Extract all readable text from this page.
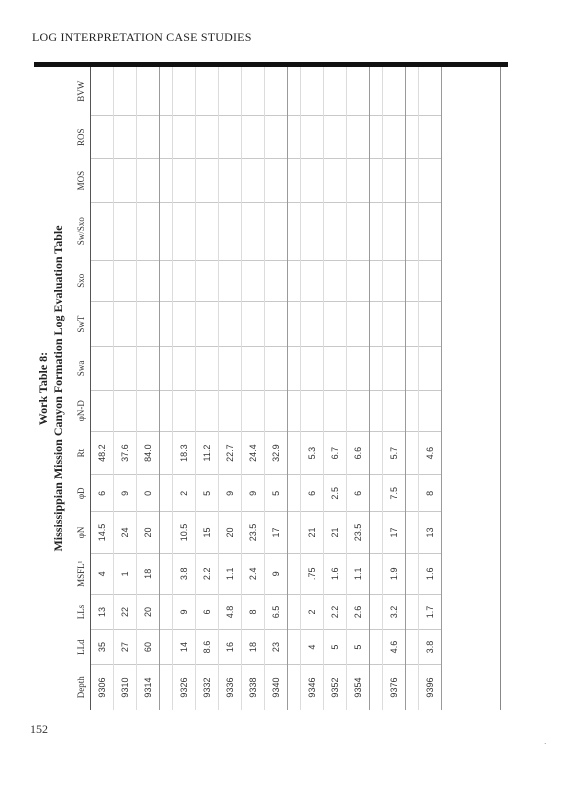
LOG INTERPRETATION CASE STUDIES
Work Table 8: Mississippian Mission Canyon Formation Log Evaluation Table
Depth	LLd	LLs	MSFL¹	φN	φD	Rt	φN-D	Swa	SwT	Sxo	Sw/Sxo	MOS	ROS	BVW
9306	35	13	4	14.5	6	48.2								
9310	27	22	1	24	9	37.6								
9314	60	20	18	20	0	84.0								

9326	14	9	3.8	10.5	2	18.3								
9332	8.6	6	2.2	15	5	11.2								
9336	16	4.8	1.1	20	9	22.7								
9338	18	8	2.4	23.5	9	24.4								
9340	23	6.5	9	17	5	32.9								

9346	4	2	.75	21	6	5.3								
9352	5	2.2	1.6	21	2.5	6.7								
9354	5	2.6	1.1	23.5	6	6.6								

9376	4.6	3.2	1.9	17	7.5	5.7								

9396	3.8	1.7	1.6	13	8	4.6								
152
·
